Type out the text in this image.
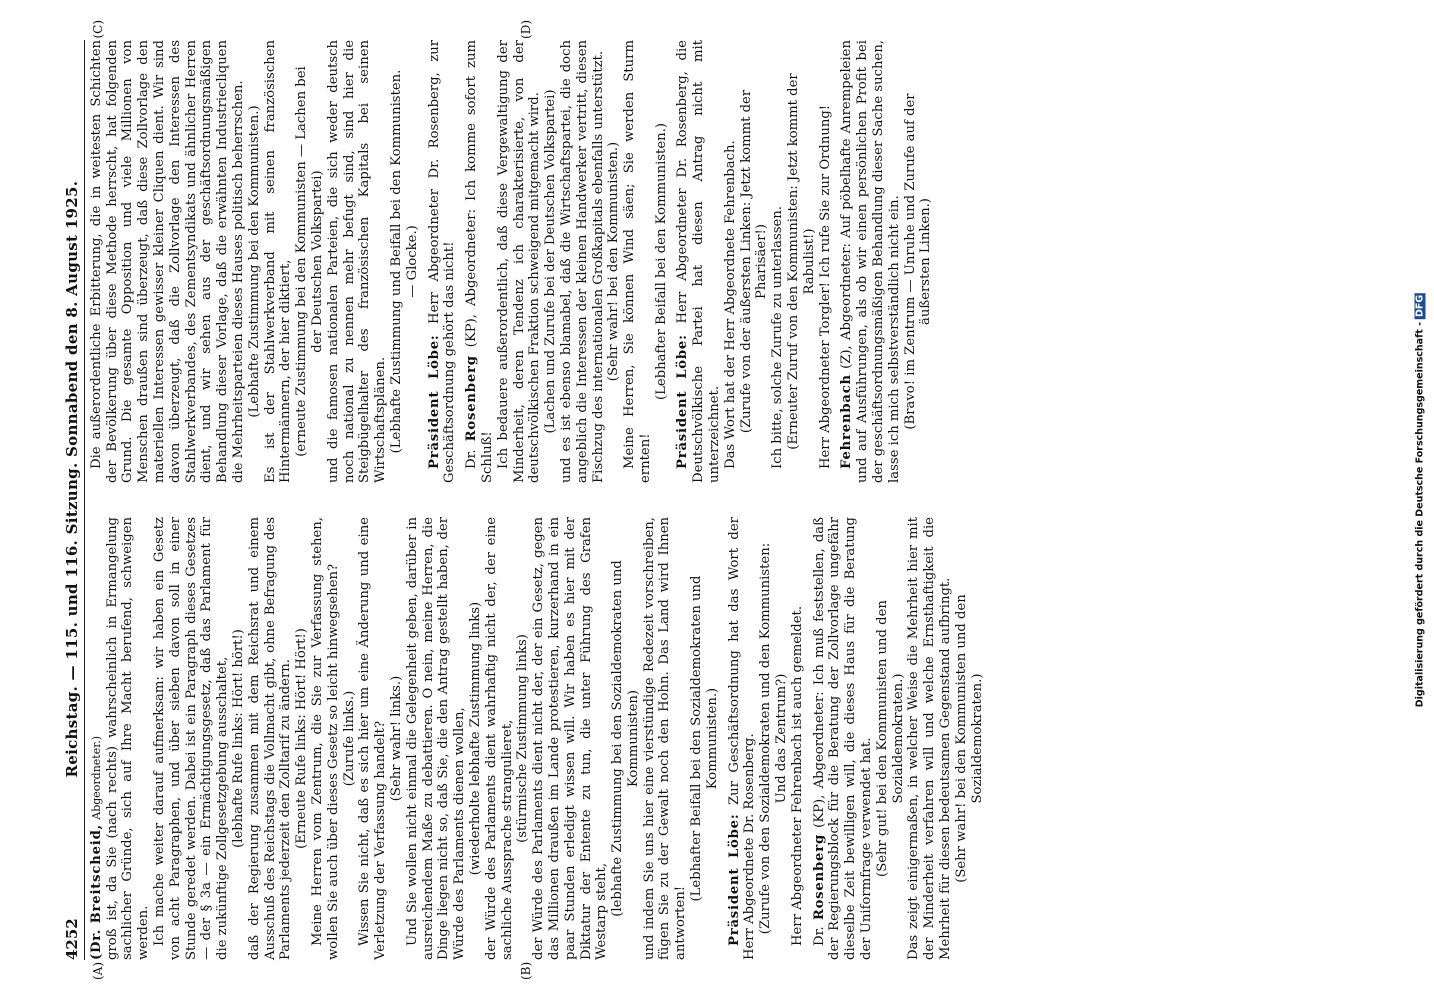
4252
Reichstag. — 115. und 116. Sitzung. Sonnabend den 8. August 1925.
(A)	(B)

(Dr. Breitscheid, Abgeordneter.) groß ist, da Sie (nach rechts) wahrscheinlich in Ermangelung sachlicher Gründe, sich auf Ihre Macht berufend, schweigen werden. Ich mache weiter darauf aufmerksam: wir haben ein Gesetz von acht Paragraphen, und über sieben davon soll in einer Stunde geredet werden. Dabei ist ein Paragraph dieses Gesetzes — der § 3a — ein Ermächtigungsgesetz, daß das Parlament für die zukünftige Zollgesetzgebung ausschaltet, (lebhafte Rufe links: Hört! hört!) daß der Regierung zusammen mit dem Reichsrat und einem Ausschuß des Reichstags die Vollmacht gibt, ohne Befragung des Parlaments jederzeit den Zolltarif zu ändern. (Erneute Rufe links: Hört! Hört!) Meine Herren vom Zentrum, die Sie zur Verfassung stehen, wollen Sie auch über dieses Gesetz so leicht hinwegsehen? (Zurufe links.) Wissen Sie nicht, daß es sich hier um eine Änderung und eine Verletzung der Verfassung handelt? (Sehr wahr! links.) Und Sie wollen nicht einmal die Gelegenheit geben, darüber in ausreichendem Maße zu debattieren. O nein, meine Herren, die Dinge liegen nicht so, daß Sie, die den Antrag gestellt haben, der Würde des Parlaments dienen wollen, (wiederholte lebhafte Zustimmung links) der Würde des Parlaments dient wahrhaftig nicht der, der eine sachliche Aussprache strangulieret, (stürmische Zustimmung links) der Würde des Parlaments dient nicht der, der ein Gesetz, gegen das Millionen draußen im Lande protestieren, kurzerhand in ein paar Stunden erledigt wissen will. Wir haben es hier mit der Diktatur der Entente zu tun, die unter Führung des Grafen Westarp steht, (lebhafte Zustimmung bei den Sozialdemokraten und Kommunisten) und indem Sie uns hier eine vierstündige Redezeit vorschreiben, fügen Sie zu der Gewalt noch den Hohn. Das Land wird Ihnen antworten!

(Lebhafter Beifall bei den Sozialdemokraten und Kommunisten.)

Präsident Löbe: Zur Geschäftsordnung hat das Wort der Herr Abgeordnete Dr. Rosenberg. (Zurufe von den Sozialdemokraten und den Kommunisten: Und das Zentrum?) Herr Abgeordneter Fehrenbach ist auch gemeldet. Dr. Rosenberg (KP), Abgeordneter: Ich muß feststellen, daß der Regierungsblock für die Beratung der Zollvorlage ungefähr dieselbe Zeit bewilligen will, die dieses Haus für die Beratung der Uniformfrage verwendet hat. (Sehr gut! bei den Kommunisten und den Sozialdemokraten.) Das zeigt einigermaßen, in welcher Weise die Mehrheit hier mit der Minderheit verfahren will und welche Ernsthaftigkeit die Mehrheit für diesen bedeutsamen Gegenstand aufbringt. (Sehr wahr! bei den Kommunisten und den Sozialdemokraten.)

(C)	(D)

Die außerordentliche Erbitterung, die in weitesten Schichten der Bevölkerung über diese Methode herrscht, hat folgenden Grund. Die gesamte Opposition und viele Millionen von Menschen draußen sind überzeugt, daß diese Zollvorlage den materiellen Interessen gewisser kleiner Cliquen dient. Wir sind davon überzeugt, daß die Zollvorlage den Interessen des Stahlwerkverbandes, des Zementsyndikats und ähnlicher Herren dient, und wir sehen aus der geschäftsordnungsmäßigen Behandlung dieser Vorlage, daß die erwähnten Industriecliquen die Mehrheitsparteien dieses Hauses politisch beherrschen. (Lebhafte Zustimmung bei den Kommunisten.) Es ist der Stahlwerkverband mit seinen französischen Hintermännern, der hier diktiert, (erneute Zustimmung bei den Kommunisten — Lachen bei der Deutschen Volkspartei) und die famosen nationalen Parteien, die sich weder deutsch noch national zu nennen mehr befugt sind, sind hier die Steigbügelhalter des französischen Kapitals bei seinen Wirtschaftsplänen. (Lebhafte Zustimmung und Beifall bei den Kommunisten. — Glocke.)

Präsident Löbe: Herr Abgeordneter Dr. Rosenberg, zur Geschäftsordnung gehört das nicht! Dr. Rosenberg (KP), Abgeordneter: Ich komme sofort zum Schluß! Ich bedauere außerordentlich, daß diese Vergewaltigung der Minderheit, deren Tendenz ich charakterisierte, von der deutschvölkischen Fraktion schweigend mitgemacht wird. (Lachen und Zurufe bei der Deutschen Volkspartei) und es ist ebenso blamabel, daß die Wirtschaftspartei, die doch angeblich die Interessen der kleinen Handwerker vertritt, diesen Fischzug des internationalen Großkapitals ebenfalls unterstützt. (Sehr wahr! bei den Kommunisten.) Meine Herren, Sie können Wind säen; Sie werden Sturm ernten!

(Lebhafter Beifall bei den Kommunisten.)

Präsident Löbe: Herr Abgeordneter Dr. Rosenberg, die Deutschvölkische Partei hat diesen Antrag nicht mit unterzeichnet. Das Wort hat der Herr Abgeordnete Fehrenbach. (Zurufe von der äußersten Linken: Jetzt kommt der Pharisäer!) Ich bitte, solche Zurufe zu unterlassen. (Erneuter Zuruf von den Kommunisten: Jetzt kommt der Rabulist!) Herr Abgeordneter Torgler! Ich rufe Sie zur Ordnung! Fehrenbach (Z), Abgeordneter: Auf pöbelhafte Anrempeleien und auf Ausführungen, als ob wir einen persönlichen Profit bei der geschäftsordnungsmäßigen Behandlung dieser Sache suchen, lasse ich mich selbstverständlich nicht ein. (Bravo! im Zentrum — Unruhe und Zurufe auf der äußersten Linken.)

Digitalisierung gefördert durch die Deutsche Forschungsgemeinschaft -DFG
